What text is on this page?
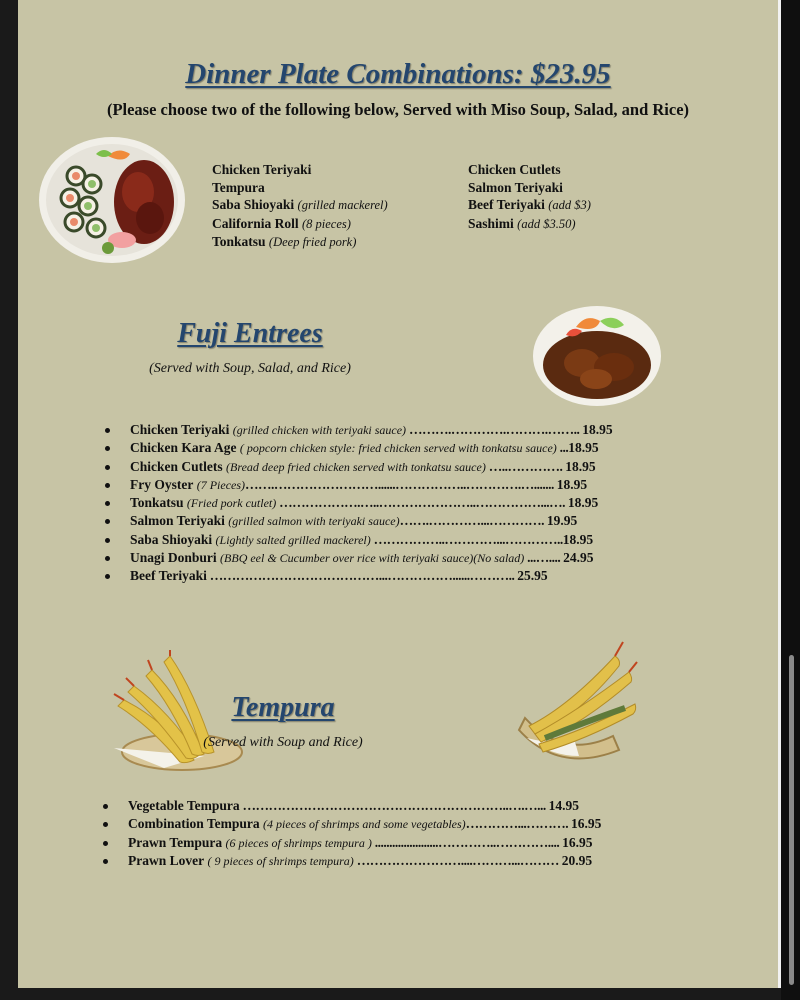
Dinner Plate Combinations: $23.95
(Please choose two of the following below, Served with Miso Soup, Salad, and Rice)
Chicken Teriyaki
Tempura
Saba Shioyaki (grilled mackerel)
California Roll (8 pieces)
Tonkatsu (Deep fried pork)
Chicken Cutlets
Salmon Teriyaki
Beef Teriyaki (add $3)
Sashimi (add $3.50)
Fuji Entrees
(Served with Soup, Salad, and Rice)
Chicken Teriyaki (grilled chicken with teriyaki sauce) ……….………….……….…….. 18.95
Chicken Kara Age ( popcorn chicken style: fried chicken served with tonkatsu sauce) ...18.95
Chicken Cutlets (Bread deep fried chicken served with tonkatsu sauce) …..…………. 18.95
Fry Oyster (7 Pieces)…….……………………......……………..………….…....... 18.95
Tonkatsu (Fried pork cutlet) ……………….…..…………………..……………...…. 18.95
Salmon Teriyaki (grilled salmon with teriyaki sauce)…….…………...…………. 19.95
Saba Shioyaki (Lightly salted grilled mackerel) ……………..…………...…………..18.95
Unagi Donburi (BBQ eel & Cucumber over rice with teriyaki sauce)(No salad) ...….... 24.95
Beef Teriyaki …………………………………...……………......……….. 25.95
Tempura
(Served with Soup and Rice)
Vegetable Tempura ……………………………………………………..….…... 14.95
Combination Tempura (4 pieces of shrimps and some vegetables)…………...………. 16.95
Prawn Tempura (6 pieces of shrimps tempura ) ......................…………..………….... 16.95
Prawn Lover ( 9 pieces of shrimps tempura) ……………………....………...……… 20.95
